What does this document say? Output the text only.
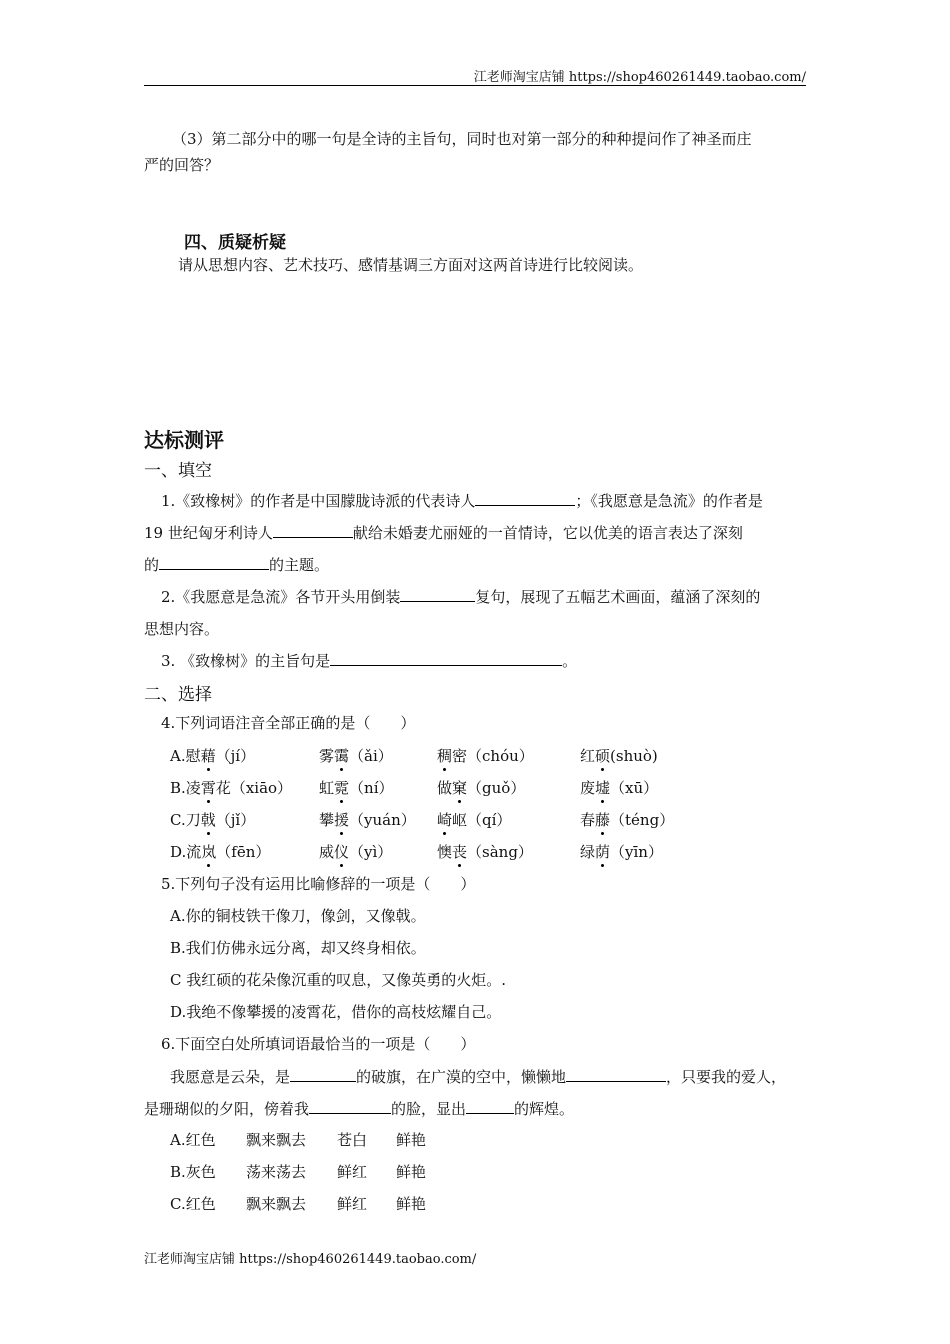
江老师淘宝店铺 https://shop460261449.taobao.com/
（3）第二部分中的哪一句是全诗的主旨句，同时也对第一部分的种种提问作了神圣而庄
严的回答？
四、质疑析疑
请从思想内容、艺术技巧、感情基调三方面对这两首诗进行比较阅读。
达标测评
一、填空
1.《致橡树》的作者是中国朦胧诗派的代表诗人	；《我愿意是急流》的作者是
19 世纪匈牙利诗人	献给未婚妻尤丽娅的一首情诗，它以优美的语言表达了深刻
的	的主题。
2.《我愿意是急流》各节开头用倒装	复句，展现了五幅艺术画面，蕴涵了深刻的
思想内容。
3. 《致橡树》的主旨句是	。
二、选择
4.下列词语注音全部正确的是（　　）
A.慰藉（jí）	雾霭（ǎi）	稠密（chóu）	红硕(shuò)
B.凌霄花（xiāo） 虹霓（ní）	做窠（guǒ）	废墟（xū）
C.刀戟（jǐ）	攀援（yuán） 崎岖（qí）	春藤（téng）
D.流岚（fēn）	威仪（yì）	懊丧（sàng）	绿荫（yīn）
5.下列句子没有运用比喻修辞的一项是（　　）
A.你的铜枝铁干像刀，像剑，又像戟。
B.我们仿佛永远分离，却又终身相依。
C 我红硕的花朵像沉重的叹息，又像英勇的火炬。.
D.我绝不像攀援的凌霄花，借你的高枝炫耀自己。
6.下面空白处所填词语最恰当的一项是（　　）
我愿意是云朵，是	的破旗，在广漠的空中，懒懒地	，只要我的爱人，
是珊瑚似的夕阳，傍着我	的脸，显出	的辉煌。
A.红色 飘来飘去 苍白 鲜艳
B.灰色 荡来荡去 鲜红 鲜艳
C.红色 飘来飘去 鲜红 鲜艳
江老师淘宝店铺 https://shop460261449.taobao.com/
